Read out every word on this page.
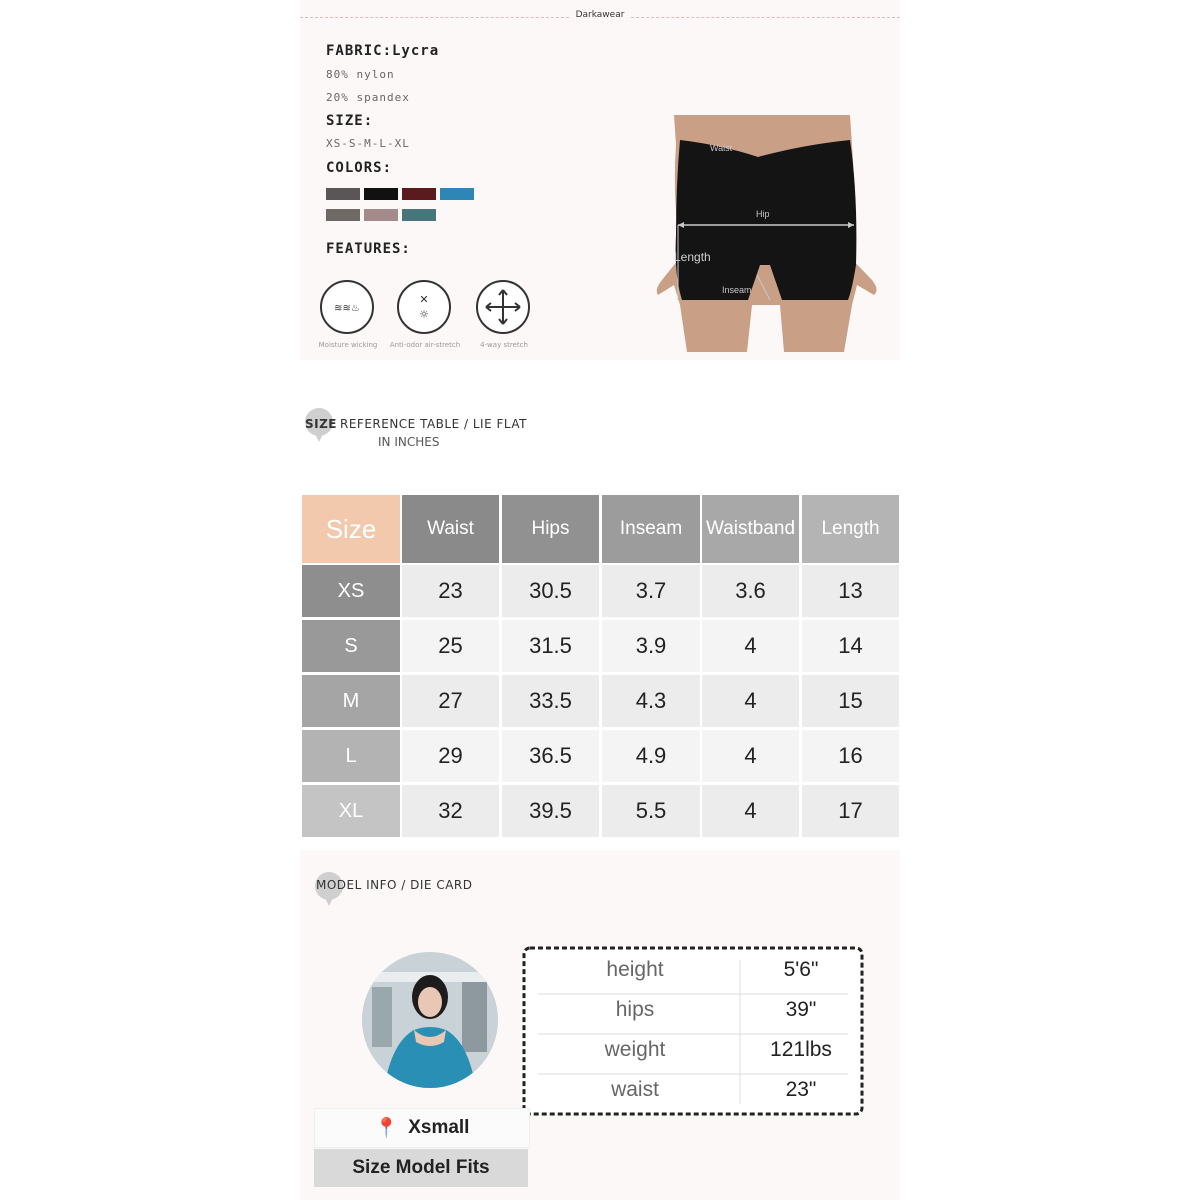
Darkawear
FABRIC:Lycra
80% nylon
20% spandex
SIZE:
XS-S-M-L-XL
COLORS:
FEATURES:
≋≋♨
✕
☼
Moisture wicking	Anti-odor air-stretch	4-way stretch
Waist
Hip
Length
Inseam
SIZE REFERENCE TABLE / LIE FLAT
IN INCHES
Size	Waist	Hips	Inseam	Waistband	Length
XS	23	30.5	3.7	3.6	13
S	25	31.5	3.9	4	14
M	27	33.5	4.3	4	15
L	29	36.5	4.9	4	16
XL	32	39.5	5.5	4	17
MODEL INFO / DIE CARD
height	5'6"
hips	39"
weight	121lbs
waist	23"
📍 Xsmall
Size Model Fits
